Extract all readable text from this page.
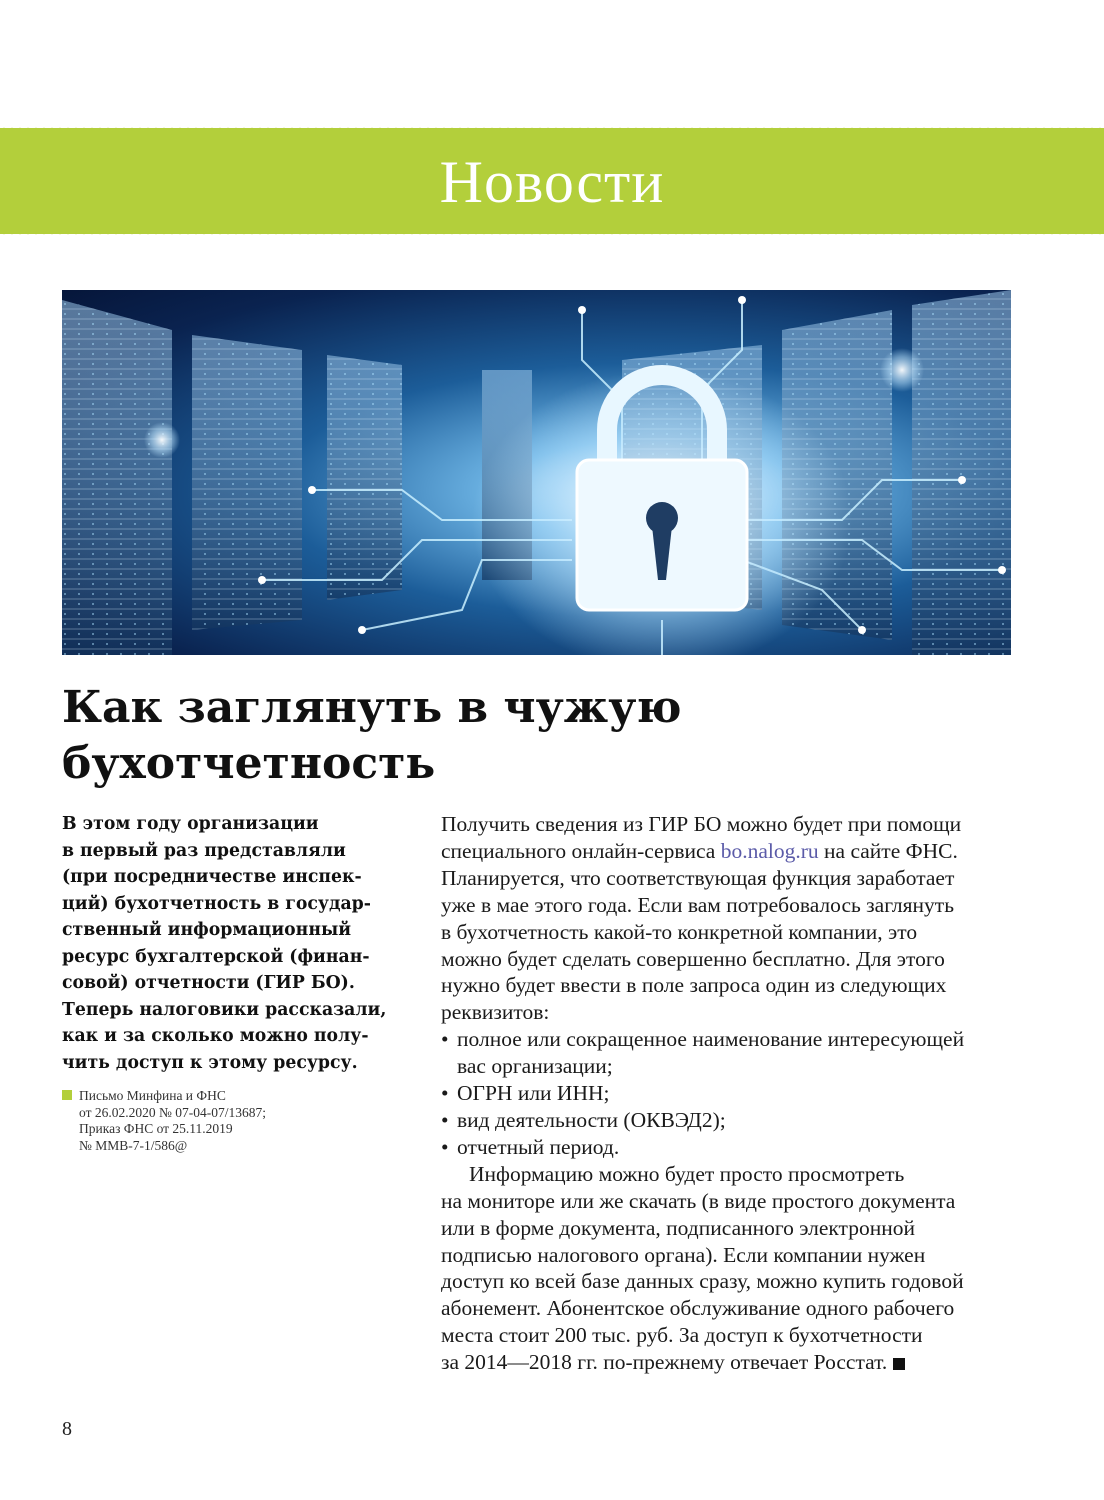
Новости
Как заглянуть в чужую
бухотчетность
В этом году организации
в первый раз представляли
(при посредничестве инспек-
ций) бухотчетность в государ-
ственный информационный
ресурс бухгалтерской (финан-
совой) отчетности (ГИР БО).
Теперь налоговики рассказали,
как и за сколько можно полу-
чить доступ к этому ресурсу.
Письмо Минфина и ФНС
от 26.02.2020 № 07-04-07/13687;
Приказ ФНС от 25.11.2019
№ ММВ-7-1/586@
Получить сведения из ГИР БО можно будет при помощи
специального онлайн-сервиса bo.nalog.ru на сайте ФНС.
Планируется, что соответствующая функция заработает
уже в мае этого года. Если вам потребовалось заглянуть
в бухотчетность какой-то конкретной компании, это
можно будет сделать совершенно бесплатно. Для этого
нужно будет ввести в поле запроса один из следующих
реквизитов:
• полное или сокращенное наименование интересующей
вас организации;
• ОГРН или ИНН;
• вид деятельности (ОКВЭД2);
• отчетный период.
Информацию можно будет просто просмотреть
на мониторе или же скачать (в виде простого документа
или в форме документа, подписанного электронной
подписью налогового органа). Если компании нужен
доступ ко всей базе данных сразу, можно купить годовой
абонемент. Абонентское обслуживание одного рабочего
места стоит 200 тыс. руб. За доступ к бухотчетности
за 2014—2018 гг. по-прежнему отвечает Росстат.
8
